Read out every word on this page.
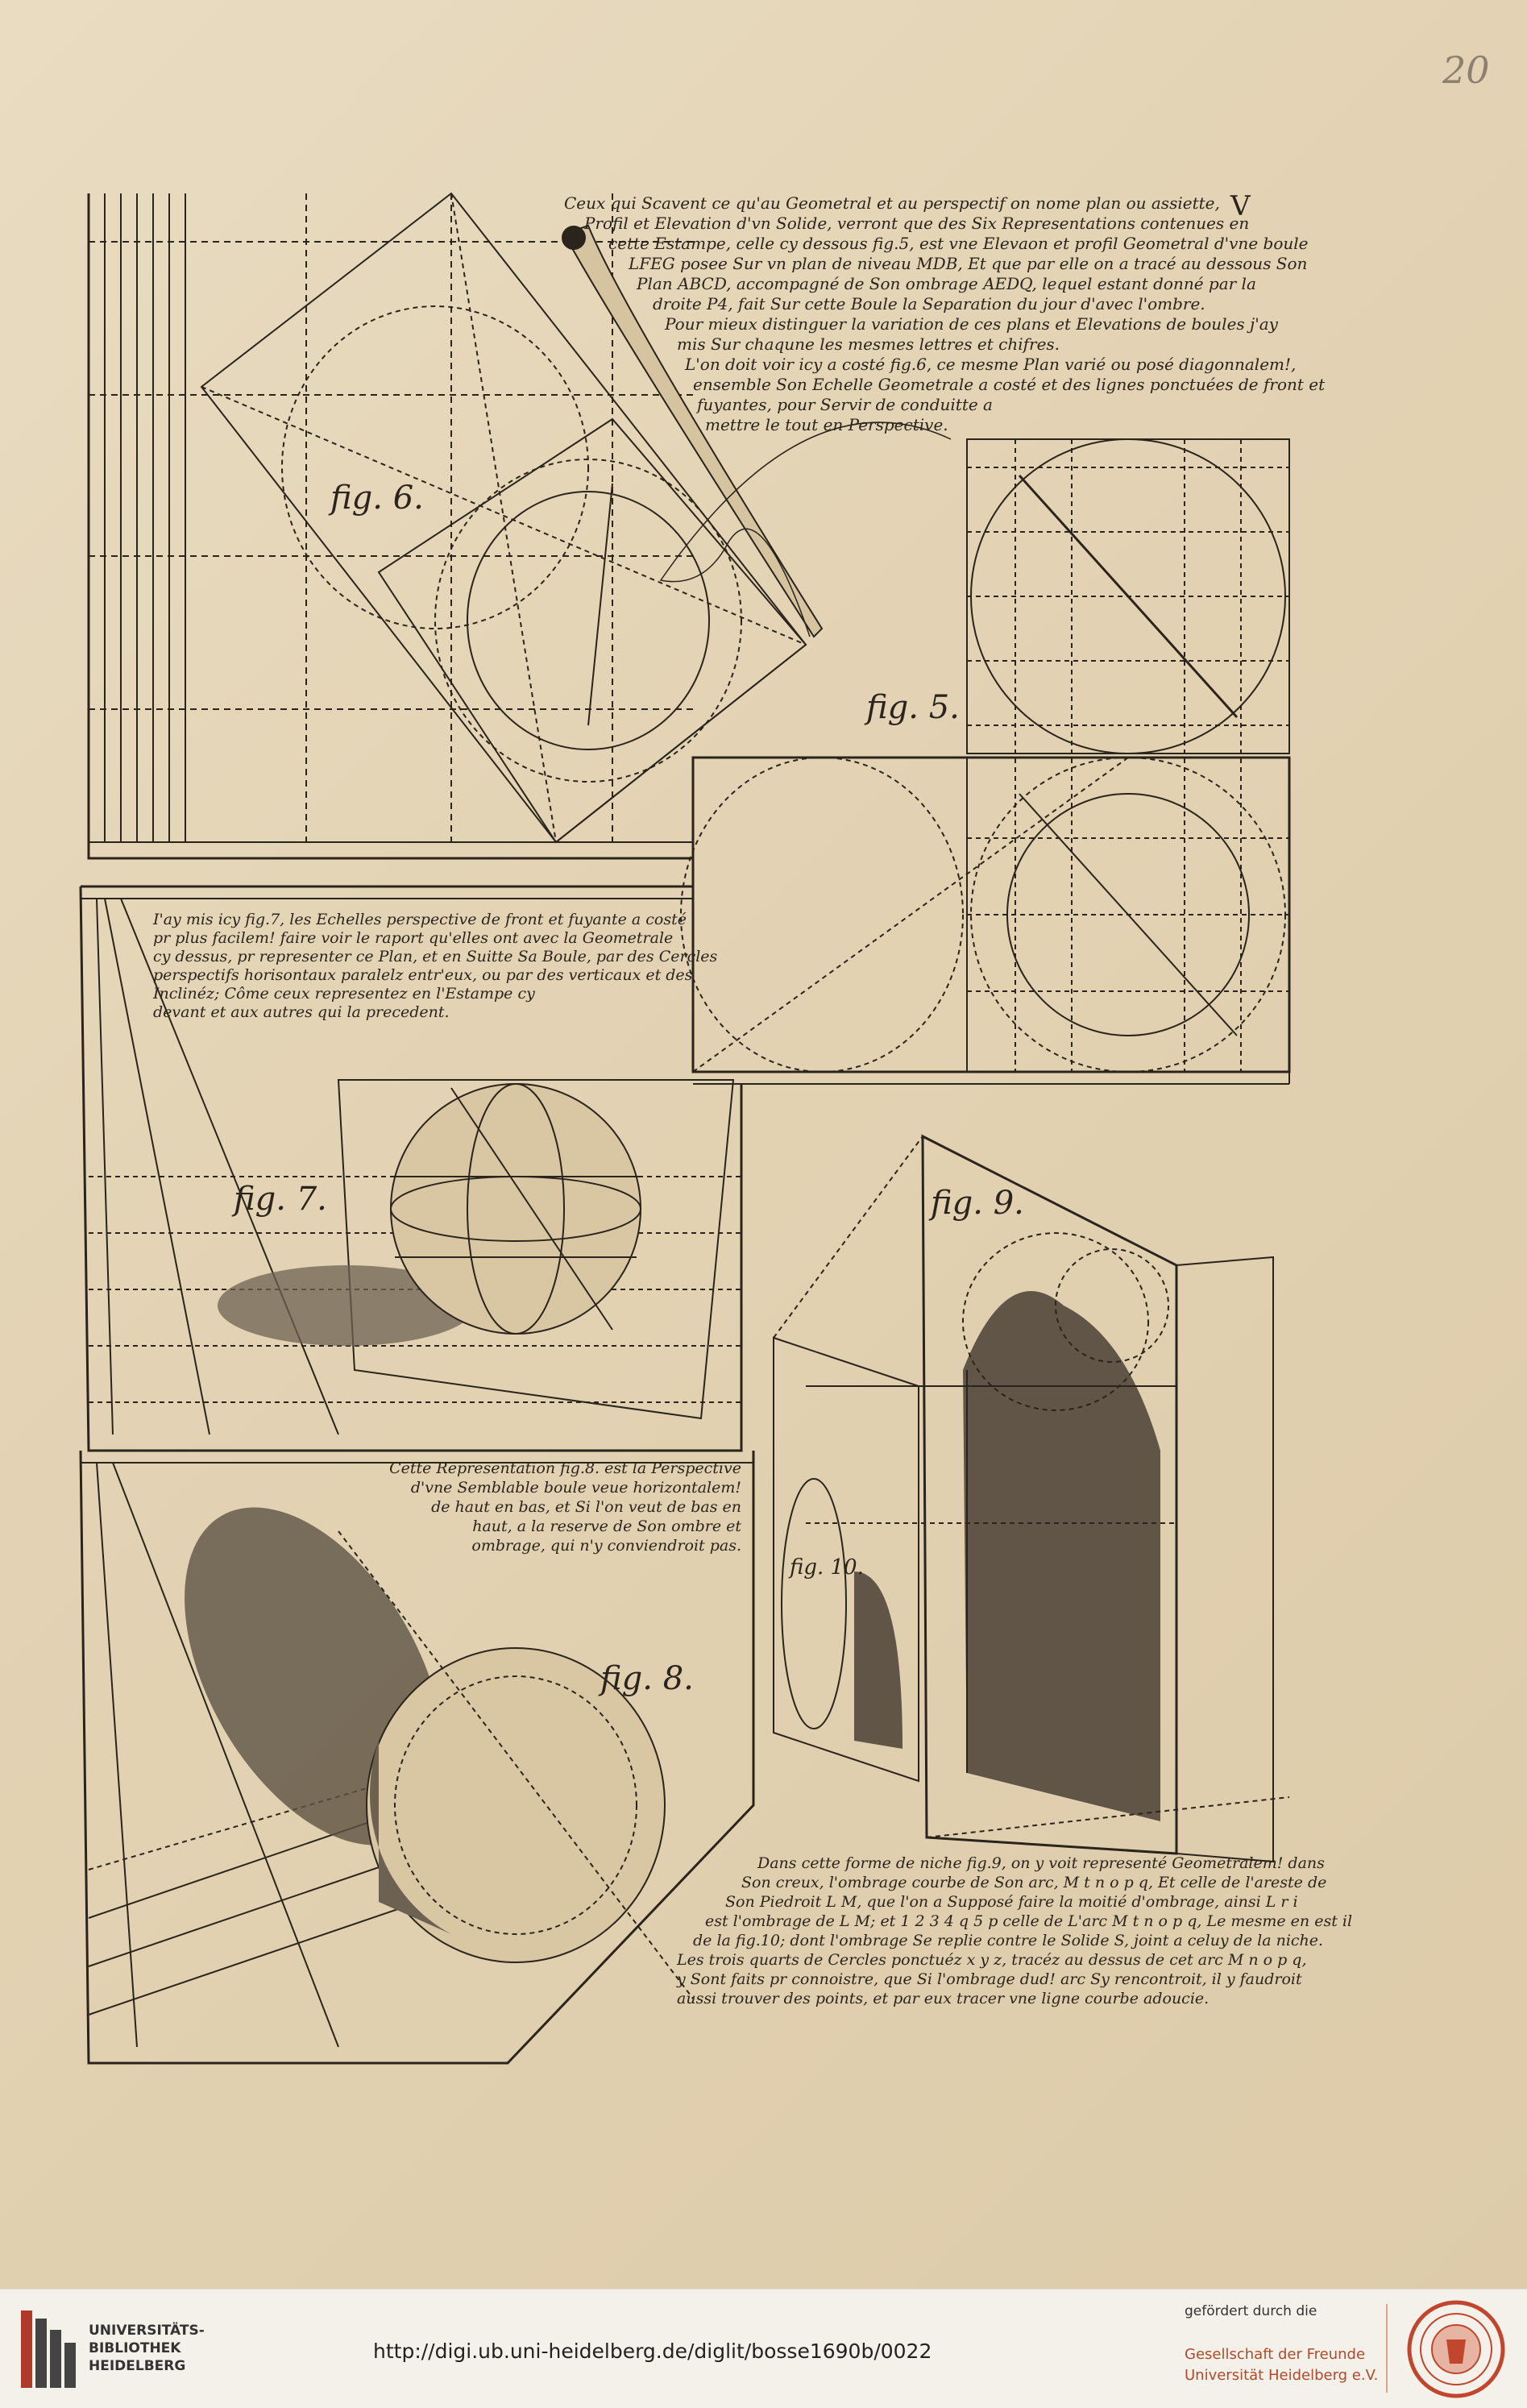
20
V
Ceux qui Scavent ce qu'au Geometral et au perspectif on nome plan ou assiette,
Profil et Elevation d'vn Solide, verront que des Six Representations contenues en
cette Estampe, celle cy dessous fig.5, est vne Elevaon et profil Geometral d'vne boule
LFEG posee Sur vn plan de niveau MDB, Et que par elle on a tracé au dessous Son
Plan ABCD, accompagné de Son ombrage AEDQ, lequel estant donné par la
droite P4, fait Sur cette Boule la Separation du jour d'avec l'ombre.
Pour mieux distinguer la variation de ces plans et Elevations de boules j'ay
mis Sur chaqune les mesmes lettres et chifres.
L'on doit voir icy a costé fig.6, ce mesme Plan varié ou posé diagonnalem!,
ensemble Son Echelle Geometrale a costé et des lignes ponctuées de front et
fuyantes, pour Servir de conduitte a
mettre le tout en Perspective.
I'ay mis icy fig.7, les Echelles perspective de front et fuyante a costé
pr plus facilem! faire voir le raport qu'elles ont avec la Geometrale
cy dessus, pr representer ce Plan, et en Suitte Sa Boule, par des Cercles
perspectifs horisontaux paralelz entr'eux, ou par des verticaux et des
Inclinéz; Côme ceux representez en l'Estampe cy
devant et aux autres qui la precedent.
Cette Representation fig.8. est la Perspective
d'vne Semblable boule veue horizontalem!
de haut en bas, et Si l'on veut de bas en
haut, a la reserve de Son ombre et
ombrage, qui n'y conviendroit pas.
Dans cette forme de niche fig.9, on y voit representé Geometralem! dans
Son creux, l'ombrage courbe de Son arc, M t n o p q, Et celle de l'areste de
Son Piedroit L M, que l'on a Supposé faire la moitié d'ombrage, ainsi L r i
est l'ombrage de L M; et 1 2 3 4 q 5 p celle de L'arc M t n o p q, Le mesme en est il
de la fig.10; dont l'ombrage Se replie contre le Solide S, joint a celuy de la niche.
Les trois quarts de Cercles ponctuéz x y z, tracéz au dessus de cet arc M n o p q,
y Sont faits pr connoistre, que Si l'ombrage dud! arc Sy rencontroit, il y faudroit
aussi trouver des points, et par eux tracer vne ligne courbe adoucie.
fig. 6.
fig. 5.
fig. 7.	fig. 9.
fig. 8.
fig. 10.
UNIVERSITÄTS-
BIBLIOTHEK
HEIDELBERG
http://digi.ub.uni-heidelberg.de/diglit/bosse1690b/0022
gefördert durch die
Gesellschaft der Freunde
Universität Heidelberg e.V.
